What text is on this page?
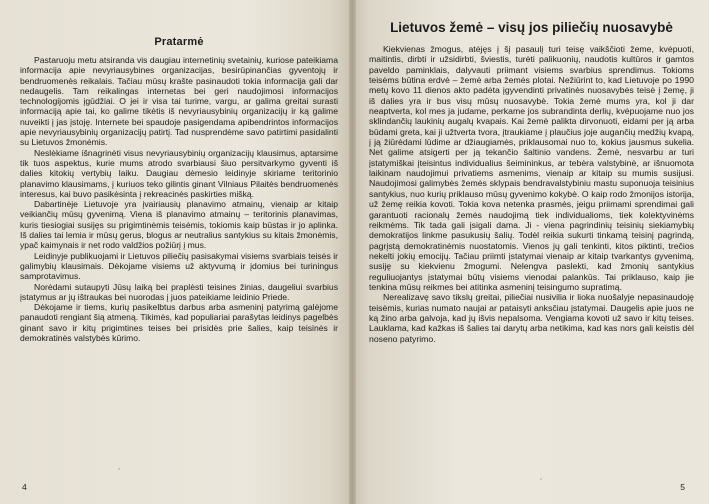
Pratarmė

Pastaruoju metu atsiranda vis daugiau internetinių svetainių, kuriose pateikiama informacija apie nevyriausybines organizacijas, besirūpinančias gyventojų ir bendruomenės reikalais. Tačiau mūsų krašte pasinaudoti tokia informacija gali dar nedaugelis. Tam reikalingas internetas bei geri naudojimosi informacijos technologijomis įgūdžiai. O jei ir visa tai turime, vargu, ar galima greitai surasti informaciją apie tai, ko galime tikėtis iš nevyriausybinių organizacijų ir ką galime nuveikti į jas įstoję. Internete bei spaudoje pasigendama apibendrintos informacijos apie nevyriausybinių organizacijų patirtį. Tad nusprendėme savo patirtimi pasidalinti su Lietuvos žmonėmis.

Neslėkiame išnagrinėti visus nevyriausybinių organizacijų klausimus, aptarsime tik tuos aspektus, kurie mums atrodo svarbiausi šiuo persitvarkymo gyventi iš dalies kitokių vertybių laiku. Daugiau dėmesio leidinyje skiriame teritorinio planavimo klausimams, į kuriuos teko gilintis ginant Vilniaus Pilaitės bendruomenės interesus, kai buvo pasikėsinta į rekreacinės paskirties mišką.

Dabartinėje Lietuvoje yra įvairiausių planavimo atmainų, vienaip ar kitaip veikiančių mūsų gyvenimą. Viena iš planavimo atmainų – teritorinis planavimas, kuris tiesiogiai susijęs su prigimtinėmis teisėmis, tokiomis kaip būstas ir jo aplinka. Iš dalies tai lemia ir mūsų gerus, blogus ar neutralius santykius su kitais žmonėmis, ypač kaimynais ir net rodo valdžios požiūrį į mus.

Leidinyje publikuojami ir Lietuvos piliečių pasisakymai visiems svarbiais teisės ir galimybių klausimais. Dėkojame visiems už aktyvumą ir įdomius bei turiningus samprotavimus.

Norėdami sutaupyti Jūsų laiką bei praplėsti teisines žinias, daugeliui svarbius įstatymus ar jų ištraukas bei nuorodas į juos pateikiame leidinio Priede.

Dėkojame ir tiems, kurių pasikelbtus darbus arba asmeninį patyrimą galėjome panaudoti rengiant šią atmeną. Tikimės, kad populiariai parašytas leidinys pagelbės ginant savo ir kitų prigimtines teises bei prisidės prie šalies, kaip teisinės ir demokratinės valstybės kūrimo.

4
Lietuvos žemė – visų jos piliečių nuosavybė

Kiekvienas žmogus, atėjęs į šį pasaulį turi teisę vaikščioti žeme, kvėpuoti, maitintis, dirbti ir užsidirbti, šviestis, turėti palikuonių, naudotis kultūros ir gamtos paveldo paminklais, dalyvauti priimant visiems svarbius sprendimus. Tokioms teisėms būtina erdvė – žemė arba žemės plotai. Nežiūrint to, kad Lietuvoje po 1990 metų kovo 11 dienos akto padėta įgyvendinti privatinės nuosavybės teisė į žemę, ji iš dalies yra ir bus visų mūsų nuosavybė. Tokia žemė mums yra, kol ji dar neaptverta, kol mes ja judame, perkame jos subrandinta derlių, kvėpuojame nuo jos sklindančių laukinių augalų kvapais. Kai žemė palikta dirvonuoti, eidami per ją arba būdami greta, kai ji užtverta tvora, įtraukiame į plaučius joje augančių medžių kvapą, į ją žiūrėdami lūdime ar džiaugiamės, priklausomai nuo to, kokius jausmus sukelia. Net galime atsigerti per ją tekančio šaltinio vandens. Žemė, nesvarbu ar turi įstatymiškai įteisintus individualius šeimininkus, ar tebėra valstybinė, ar išnuomota laikinam naudojimui privatiems asmenims, vienaip ar kitaip su mumis susijusi. Naudojimosi galimybės žemės sklypais bendravalstybiniu mastu suponuoja teisinius santykius, nuo kurių priklauso mūsų gyvenimo kokybė. O kaip rodo žmonijos istorija, už žemę reikia kovoti. Tokia kova netenka prasmės, jeigu priimami sprendimai gali garantuoti racionalų žemės naudojimą tiek individualioms, tiek kolektyvinėms reikmėms. Tik tada gali įsigali dama. Ji - viena pagrindinių teisinių siekiamybių demokratijos linkme pasukusių šalių. Todėl reikia sukurti tinkamą teisinį pagrindą, pagrįstą demokratinėmis nuostatomis. Vienos jų gali tenkinti, kitos piktinti, trečios nekelti jokių emocijų. Tačiau priimti įstatymai vienaip ar kitaip tvarkantys gyvenimą, susiję su kiekvienu žmogumi. Nelengva paslekti, kad žmonių santykius reguliuojantys įstatymai būtų visiems vienodai palankūs. Tai priklauso, kaip jie tenkina mūsų reikmes bei atitinka asmeninį teisingumo supratimą.

Nerealizavę savo tikslų greitai, piliečiai nusivilia ir lioka nuošalyje nepasinaudoję teisėmis, kurias numato naujai ar pataisyti anksčiau įstatymai. Daugelis apie juos ne ką žino arba galvoja, kad jų išvis nepalsoma. Vengiama kovoti už savo ir kitų teises. Lauklama, kad kažkas iš šalies tai darytų arba netikima, kad kas nors gali keistis dėl noseno patyrimo.

5
